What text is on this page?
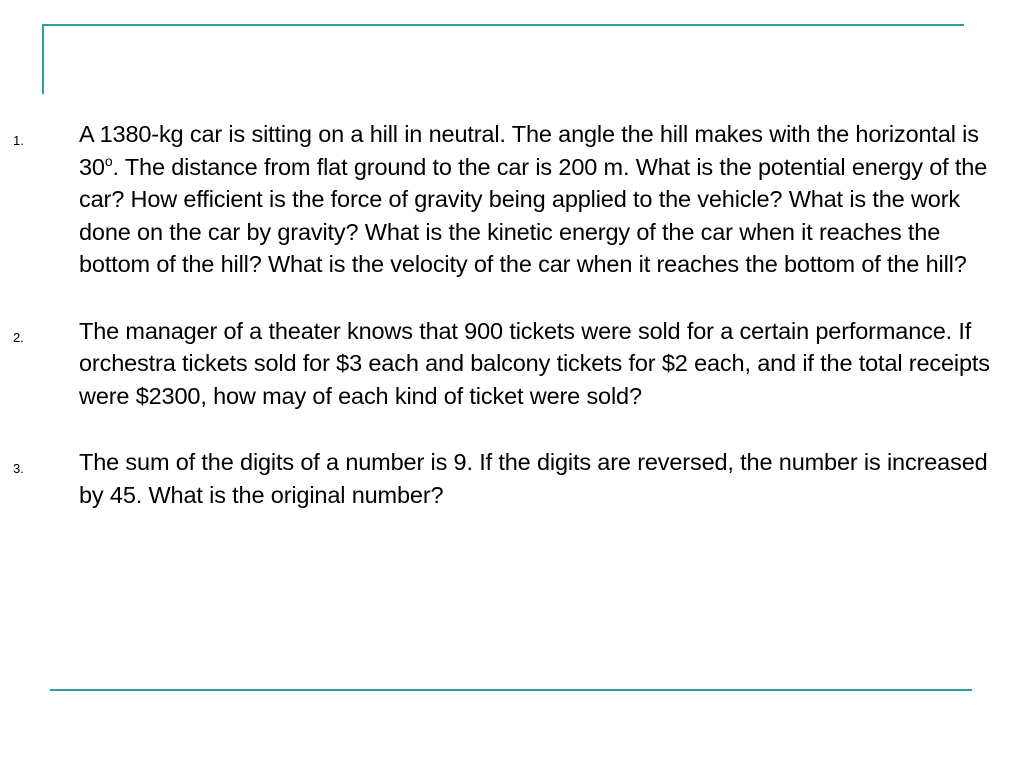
1. A 1380-kg car is sitting on a hill in neutral. The angle the hill makes with the horizontal is 30$^o$. The distance from flat ground to the car is 200 m. What is the potential energy of the car? How efficient is the force of gravity being applied to the vehicle? What is the work done on the car by gravity? What is the kinetic energy of the car when it reaches the bottom of the hill? What is the velocity of the car when it reaches the bottom of the hill?
2. The manager of a theater knows that 900 tickets were sold for a certain performance. If orchestra tickets sold for $3 each and balcony tickets for $2 each, and if the total receipts were $2300, how may of each kind of ticket were sold?
3. The sum of the digits of a number is 9. If the digits are reversed, the number is increased by 45. What is the original number?
